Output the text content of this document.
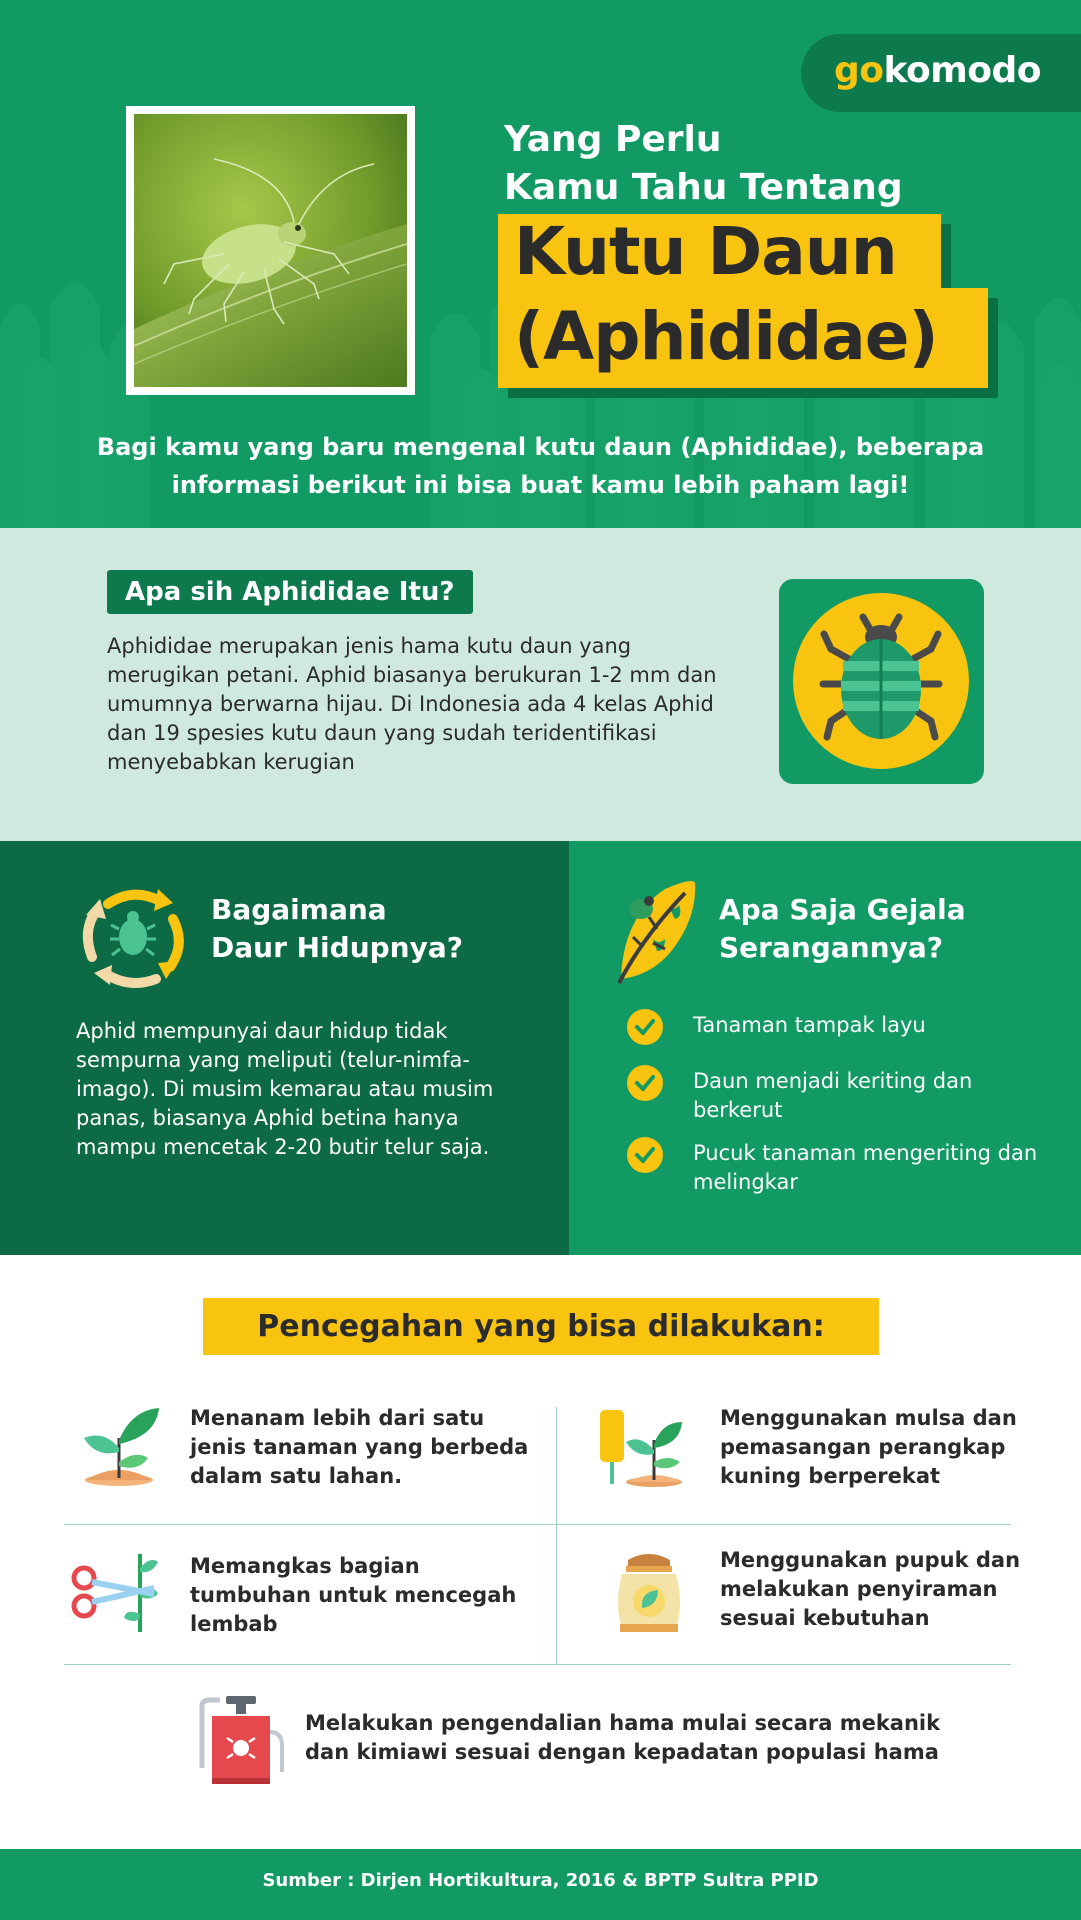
gokomodo
Yang Perlu
Kamu Tahu Tentang
Kutu Daun
(Aphididae)
Bagi kamu yang baru mengenal kutu daun (Aphididae), beberapa informasi berikut ini bisa buat kamu lebih paham lagi!
Apa sih Aphididae Itu?
Aphididae merupakan jenis hama kutu daun yang merugikan petani. Aphid biasanya berukuran 1-2 mm dan umumnya berwarna hijau. Di Indonesia ada 4 kelas Aphid dan 19 spesies kutu daun yang sudah teridentifikasi menyebabkan kerugian
Bagaimana
Daur Hidupnya?
Aphid mempunyai daur hidup tidak sempurna yang meliputi (telur-nimfa-imago). Di musim kemarau atau musim panas, biasanya Aphid betina hanya mampu mencetak 2-20 butir telur saja.
Apa Saja Gejala
Serangannya?
Tanaman tampak layu
Daun menjadi keriting dan berkerut
Pucuk tanaman mengeriting dan melingkar
Pencegahan yang bisa dilakukan:
Menanam lebih dari satu jenis tanaman yang berbeda dalam satu lahan.
Menggunakan mulsa dan pemasangan perangkap kuning berperekat
Memangkas bagian tumbuhan untuk mencegah lembab
Menggunakan pupuk dan melakukan penyiraman sesuai kebutuhan
Melakukan pengendalian hama mulai secara mekanik dan kimiawi sesuai dengan kepadatan populasi hama
Sumber : Dirjen Hortikultura, 2016 & BPTP Sultra PPID
